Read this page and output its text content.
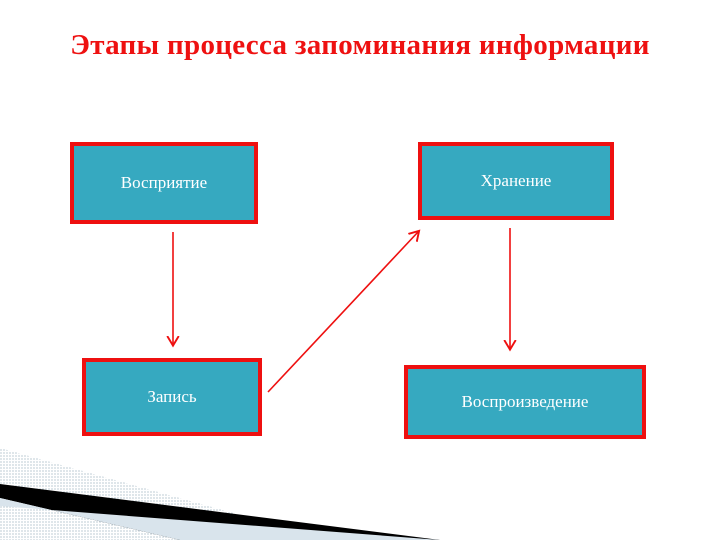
Этапы процесса запоминания информации
Восприятие
Запись
Хранение
Воспроизведение
